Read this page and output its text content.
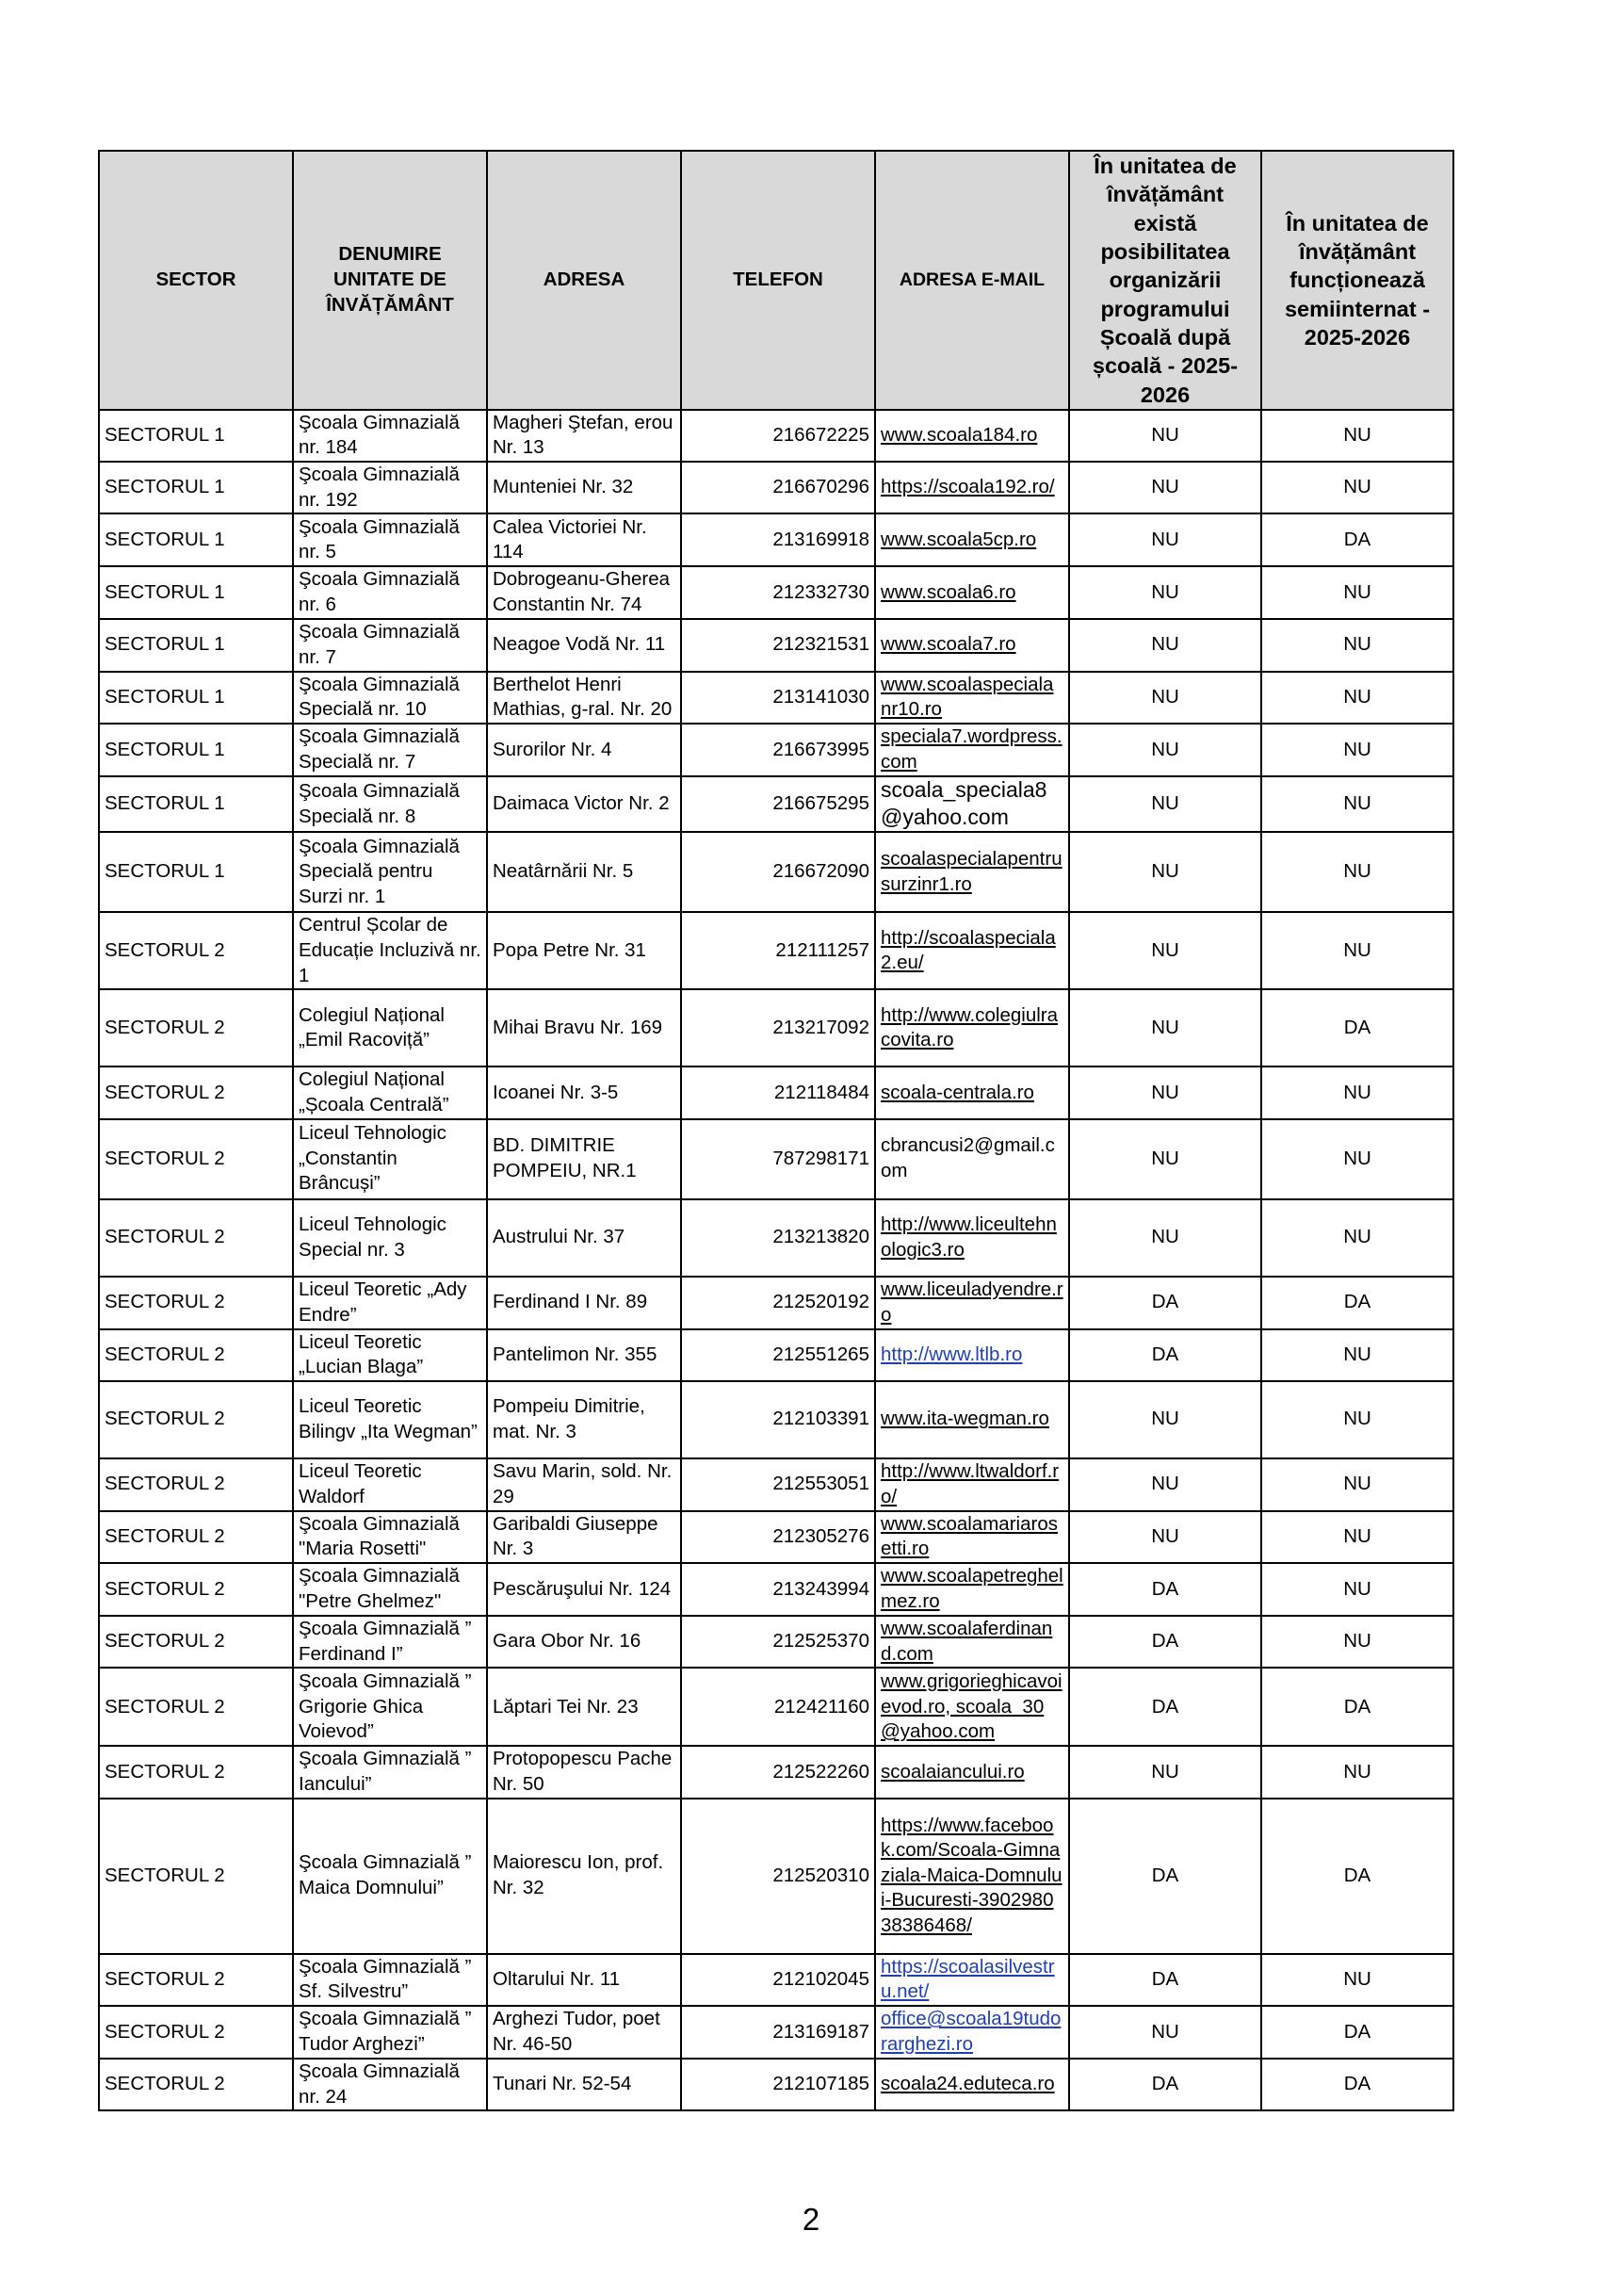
SECTOR	DENUMIRE UNITATE DE ÎNVĂȚĂMÂNT	ADRESA	TELEFON	ADRESA E-MAIL	În unitatea de învățământ există posibilitatea organizării programului Școală după școală - 2025-2026	În unitatea de învățământ funcționează semiinternat - 2025-2026
SECTORUL 1	Şcoala Gimnazială nr. 184	Magheri Ştefan, erou Nr. 13	216672225	www.scoala184.ro	NU	NU
SECTORUL 1	Şcoala Gimnazială nr. 192	Munteniei Nr. 32	216670296	https://scoala192.ro/	NU	NU
SECTORUL 1	Şcoala Gimnazială nr. 5	Calea Victoriei Nr. 114	213169918	www.scoala5cp.ro	NU	DA
SECTORUL 1	Şcoala Gimnazială nr. 6	Dobrogeanu-Gherea Constantin Nr. 74	212332730	www.scoala6.ro	NU	NU
SECTORUL 1	Şcoala Gimnazială nr. 7	Neagoe Vodă Nr. 11	212321531	www.scoala7.ro	NU	NU
SECTORUL 1	Şcoala Gimnazială Specială nr. 10	Berthelot Henri Mathias, g-ral. Nr. 20	213141030	www.scoalaspecialanr10.ro	NU	NU
SECTORUL 1	Şcoala Gimnazială Specială nr. 7	Surorilor Nr. 4	216673995	speciala7.wordpress.com	NU	NU
SECTORUL 1	Şcoala Gimnazială Specială nr. 8	Daimaca Victor Nr. 2	216675295	scoala_speciala8@yahoo.com	NU	NU
SECTORUL 1	Şcoala Gimnazială Specială pentru Surzi nr. 1	Neatârnării Nr. 5	216672090	scoalaspecialapentrusurzinr1.ro	NU	NU
SECTORUL 2	Centrul Școlar de Educație Incluzivă nr. 1	Popa Petre Nr. 31	212111257	http://scoalaspeciala2.eu/	NU	NU
SECTORUL 2	Colegiul Național „Emil Racoviță”	Mihai Bravu Nr. 169	213217092	http://www.colegiulracovita.ro	NU	DA
SECTORUL 2	Colegiul Național „Școala Centrală”	Icoanei Nr. 3-5	212118484	scoala-centrala.ro	NU	NU
SECTORUL 2	Liceul Tehnologic „Constantin Brâncuși”	BD. DIMITRIE POMPEIU, NR.1	787298171	cbrancusi2@gmail.com	NU	NU
SECTORUL 2	Liceul Tehnologic Special nr. 3	Austrului Nr. 37	213213820	http://www.liceultehnologic3.ro	NU	NU
SECTORUL 2	Liceul Teoretic „Ady Endre”	Ferdinand I Nr. 89	212520192	www.liceuladyendre.ro	DA	DA
SECTORUL 2	Liceul Teoretic „Lucian Blaga”	Pantelimon Nr. 355	212551265	http://www.ltlb.ro	DA	NU
SECTORUL 2	Liceul Teoretic Bilingv „Ita Wegman”	Pompeiu Dimitrie, mat. Nr. 3	212103391	www.ita-wegman.ro	NU	NU
SECTORUL 2	Liceul Teoretic Waldorf	Savu Marin, sold. Nr. 29	212553051	http://www.ltwaldorf.ro/	NU	NU
SECTORUL 2	Şcoala Gimnazială "Maria Rosetti"	Garibaldi Giuseppe Nr. 3	212305276	www.scoalamariarosetti.ro	NU	NU
SECTORUL 2	Şcoala Gimnazială "Petre Ghelmez"	Pescăruşului Nr. 124	213243994	www.scoalapetreghelmez.ro	DA	NU
SECTORUL 2	Şcoala Gimnazială ” Ferdinand I”	Gara Obor Nr. 16	212525370	www.scoalaferdinand.com	DA	NU
SECTORUL 2	Şcoala Gimnazială ” Grigorie Ghica Voievod”	Lăptari Tei Nr. 23	212421160	www.grigorieghicavoievod.ro, scoala_30@yahoo.com	DA	DA
SECTORUL 2	Şcoala Gimnazială ” Iancului”	Protopopescu Pache Nr. 50	212522260	scoalaiancului.ro	NU	NU
SECTORUL 2	Şcoala Gimnazială ” Maica Domnului”	Maiorescu Ion, prof. Nr. 32	212520310	https://www.facebook.com/Scoala-Gimnaziala-Maica-Domnului-Bucuresti-390298038386468/	DA	DA
SECTORUL 2	Şcoala Gimnazială ” Sf. Silvestru”	Oltarului Nr. 11	212102045	https://scoalasilvestru.net/	DA	NU
SECTORUL 2	Şcoala Gimnazială ” Tudor Arghezi”	Arghezi Tudor, poet Nr. 46-50	213169187	office@scoala19tudorarghezi.ro	NU	DA
SECTORUL 2	Şcoala Gimnazială nr. 24	Tunari Nr. 52-54	212107185	scoala24.eduteca.ro	DA	DA
2
